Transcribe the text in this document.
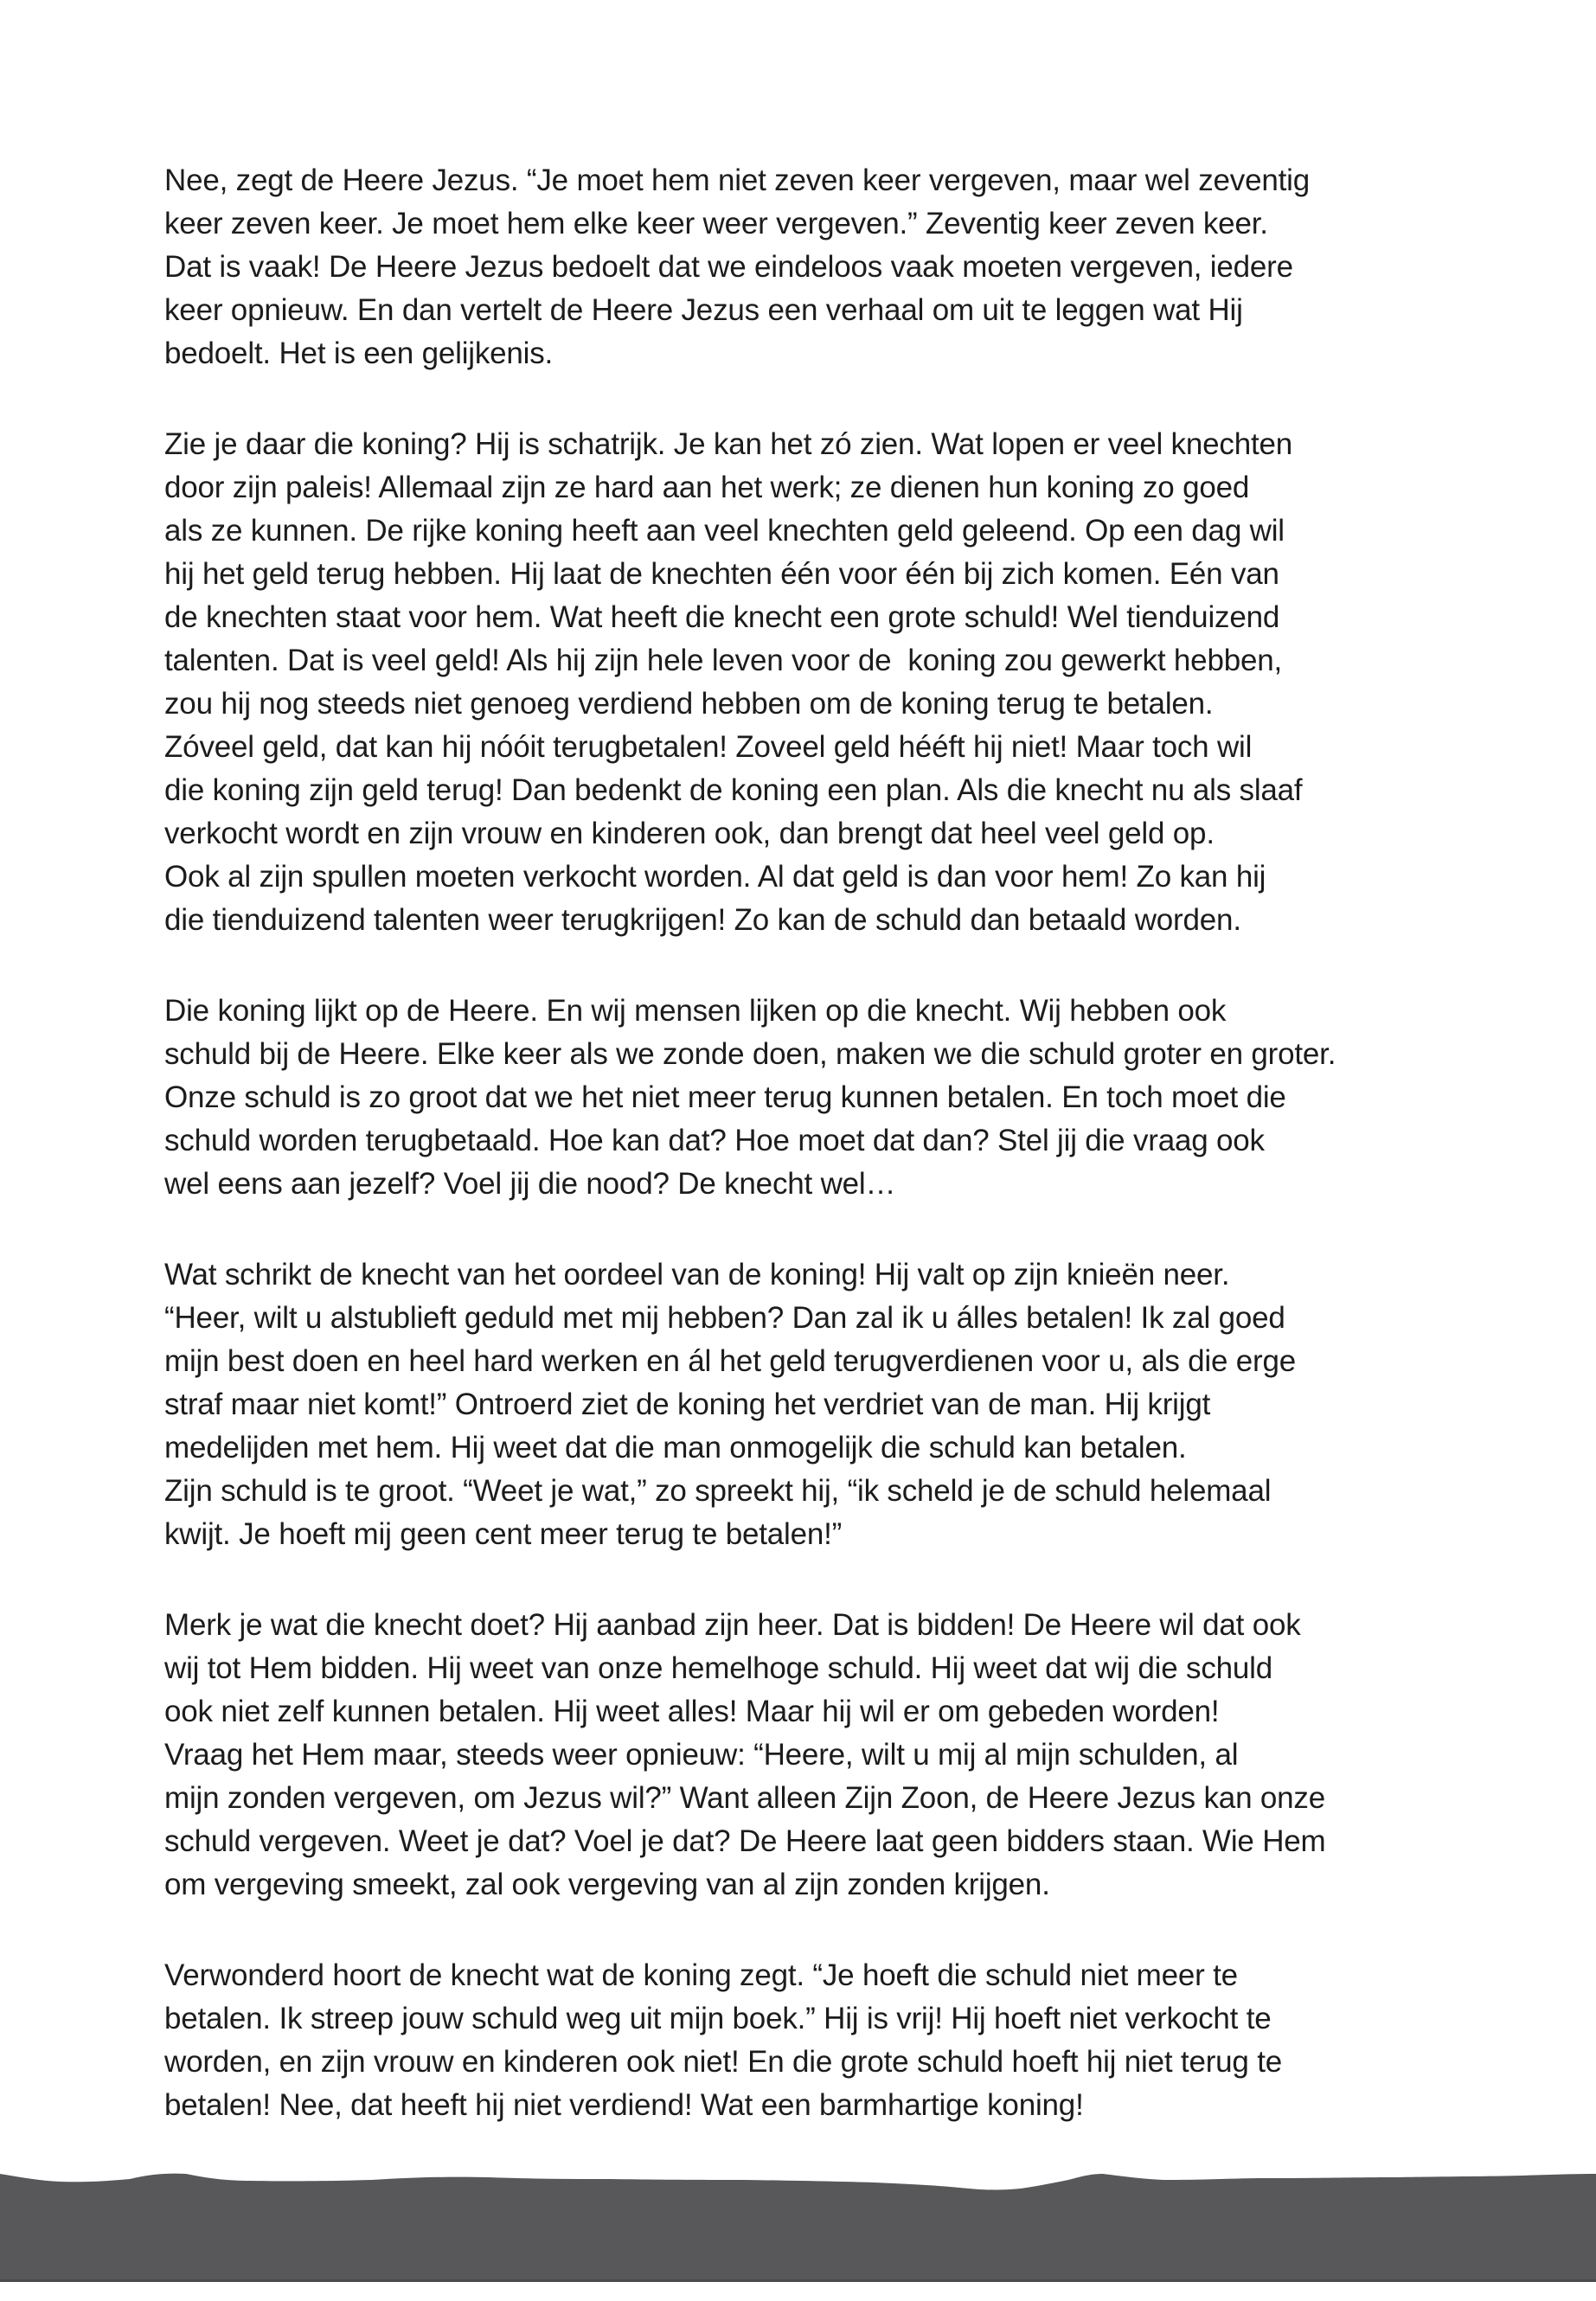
Nee, zegt de Heere Jezus. “Je moet hem niet zeven keer vergeven, maar wel zeventig
keer zeven keer. Je moet hem elke keer weer vergeven.” Zeventig keer zeven keer.
Dat is vaak! De Heere Jezus bedoelt dat we eindeloos vaak moeten vergeven, iedere
keer opnieuw. En dan vertelt de Heere Jezus een verhaal om uit te leggen wat Hij
bedoelt. Het is een gelijkenis.

Zie je daar die koning? Hij is schatrijk. Je kan het zó zien. Wat lopen er veel knechten
door zijn paleis! Allemaal zijn ze hard aan het werk; ze dienen hun koning zo goed
als ze kunnen. De rijke koning heeft aan veel knechten geld geleend. Op een dag wil
hij het geld terug hebben. Hij laat de knechten één voor één bij zich komen. Eén van
de knechten staat voor hem. Wat heeft die knecht een grote schuld! Wel tienduizend
talenten. Dat is veel geld! Als hij zijn hele leven voor de  koning zou gewerkt hebben,
zou hij nog steeds niet genoeg verdiend hebben om de koning terug te betalen.
Zóveel geld, dat kan hij nóóit terugbetalen! Zoveel geld hééft hij niet! Maar toch wil
die koning zijn geld terug! Dan bedenkt de koning een plan. Als die knecht nu als slaaf
verkocht wordt en zijn vrouw en kinderen ook, dan brengt dat heel veel geld op.
Ook al zijn spullen moeten verkocht worden. Al dat geld is dan voor hem! Zo kan hij
die tienduizend talenten weer terugkrijgen! Zo kan de schuld dan betaald worden.

Die koning lijkt op de Heere. En wij mensen lijken op die knecht. Wij hebben ook
schuld bij de Heere. Elke keer als we zonde doen, maken we die schuld groter en groter.
Onze schuld is zo groot dat we het niet meer terug kunnen betalen. En toch moet die
schuld worden terugbetaald. Hoe kan dat? Hoe moet dat dan? Stel jij die vraag ook
wel eens aan jezelf? Voel jij die nood? De knecht wel…

Wat schrikt de knecht van het oordeel van de koning! Hij valt op zijn knieën neer.
“Heer, wilt u alstublieft geduld met mij hebben? Dan zal ik u álles betalen! Ik zal goed
mijn best doen en heel hard werken en ál het geld terugverdienen voor u, als die erge
straf maar niet komt!” Ontroerd ziet de koning het verdriet van de man. Hij krijgt
medelijden met hem. Hij weet dat die man onmogelijk die schuld kan betalen.
Zijn schuld is te groot. “Weet je wat,” zo spreekt hij, “ik scheld je de schuld helemaal
kwijt. Je hoeft mij geen cent meer terug te betalen!”

Merk je wat die knecht doet? Hij aanbad zijn heer. Dat is bidden! De Heere wil dat ook
wij tot Hem bidden. Hij weet van onze hemelhoge schuld. Hij weet dat wij die schuld
ook niet zelf kunnen betalen. Hij weet alles! Maar hij wil er om gebeden worden!
Vraag het Hem maar, steeds weer opnieuw: “Heere, wilt u mij al mijn schulden, al
mijn zonden vergeven, om Jezus wil?” Want alleen Zijn Zoon, de Heere Jezus kan onze
schuld vergeven. Weet je dat? Voel je dat? De Heere laat geen bidders staan. Wie Hem
om vergeving smeekt, zal ook vergeving van al zijn zonden krijgen.

Verwonderd hoort de knecht wat de koning zegt. “Je hoeft die schuld niet meer te
betalen. Ik streep jouw schuld weg uit mijn boek.” Hij is vrij! Hij hoeft niet verkocht te
worden, en zijn vrouw en kinderen ook niet! En die grote schuld hoeft hij niet terug te
betalen! Nee, dat heeft hij niet verdiend! Wat een barmhartige koning!
